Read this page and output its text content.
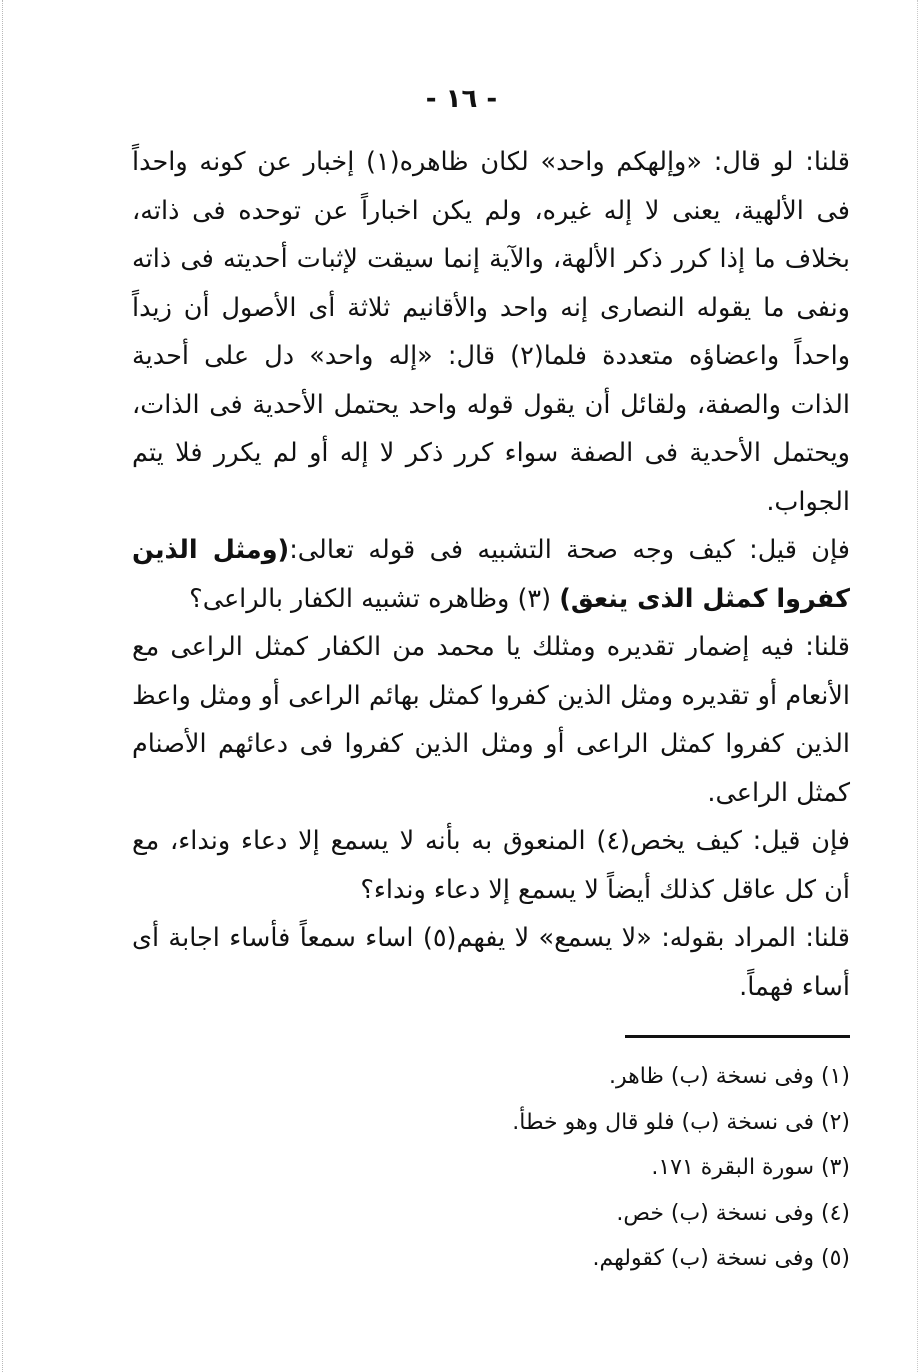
- ١٦ -

قلنا: لو قال: «وإلهكم واحد» لكان ظاهره(١) إخبار عن كونه واحداً فى الألهية، يعنى لا إله غيره، ولم يكن اخباراً عن توحده فى ذاته، بخلاف ما إذا كرر ذكر الألهة، والآية إنما سيقت لإثبات أحديته فى ذاته ونفى ما يقوله النصارى إنه واحد والأقانيم ثلاثة أى الأصول أن زيداً واحداً واعضاؤه متعددة فلما(٢) قال: «إله واحد» دل على أحدية الذات والصفة، ولقائل أن يقول قوله واحد يحتمل الأحدية فى الذات، ويحتمل الأحدية فى الصفة سواء كرر ذكر لا إله أو لم يكرر فلا يتم الجواب.

فإن قيل: كيف وجه صحة التشبيه فى قوله تعالى:(ومثل الذين كفروا كمثل الذى ينعق) (٣) وظاهره تشبيه الكفار بالراعى؟

قلنا: فيه إضمار تقديره ومثلك يا محمد من الكفار كمثل الراعى مع الأنعام أو تقديره ومثل الذين كفروا كمثل بهائم الراعى أو ومثل واعظ الذين كفروا كمثل الراعى أو ومثل الذين كفروا فى دعائهم الأصنام كمثل الراعى.

فإن قيل: كيف يخص(٤) المنعوق به بأنه لا يسمع إلا دعاء ونداء، مع أن كل عاقل كذلك أيضاً لا يسمع إلا دعاء ونداء؟

قلنا: المراد بقوله: «لا يسمع» لا يفهم(٥) اساء سمعاً فأساء اجابة أى أساء فهماً.

(١) وفى نسخة (ب) ظاهر.

(٢) فى نسخة (ب) فلو قال وهو خطأ.

(٣) سورة البقرة ١٧١.

(٤) وفى نسخة (ب) خص.

(٥) وفى نسخة (ب) كقولهم.
